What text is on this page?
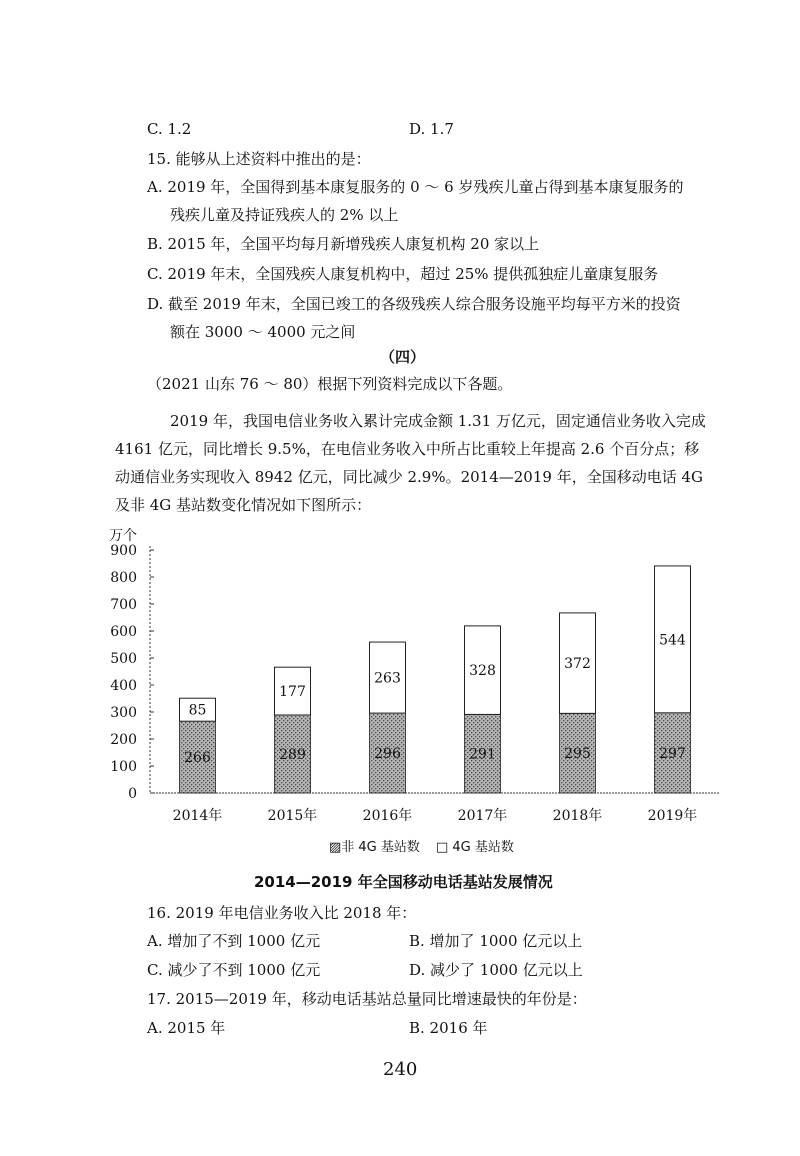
C. 1.2	D. 1.7
15. 能够从上述资料中推出的是：
A. 2019 年，全国得到基本康复服务的 0 ～ 6 岁残疾儿童占得到基本康复服务的
残疾儿童及持证残疾人的 2% 以上
B. 2015 年，全国平均每月新增残疾人康复机构 20 家以上
C. 2019 年末，全国残疾人康复机构中，超过 25% 提供孤独症儿童康复服务
D. 截至 2019 年末，全国已竣工的各级残疾人综合服务设施平均每平方米的投资
额在 3000 ～ 4000 元之间
（四）
（2021 山东 76 ～ 80）根据下列资料完成以下各题。
2019 年，我国电信业务收入累计完成金额 1.31 万亿元，固定通信业务收入完成
4161 亿元，同比增长 9.5%，在电信业务收入中所占比重较上年提高 2.6 个百分点；移
动通信业务实现收入 8942 亿元，同比减少 2.9%。2014—2019 年，全国移动电话 4G
及非 4G 基站数变化情况如下图所示：
万个
0
100
200
300
400
500
600
700
800
900
266
85
2014年
289
177
2015年
296
263
2016年
291
328
2017年
295
372
2018年
297
544
2019年
▨非 4G 基站数 □ 4G 基站数
2014—2019 年全国移动电话基站发展情况
16. 2019 年电信业务收入比 2018 年：
A. 增加了不到 1000 亿元	B. 增加了 1000 亿元以上
C. 减少了不到 1000 亿元	D. 减少了 1000 亿元以上
17. 2015—2019 年，移动电话基站总量同比增速最快的年份是：
A. 2015 年	B. 2016 年
240
